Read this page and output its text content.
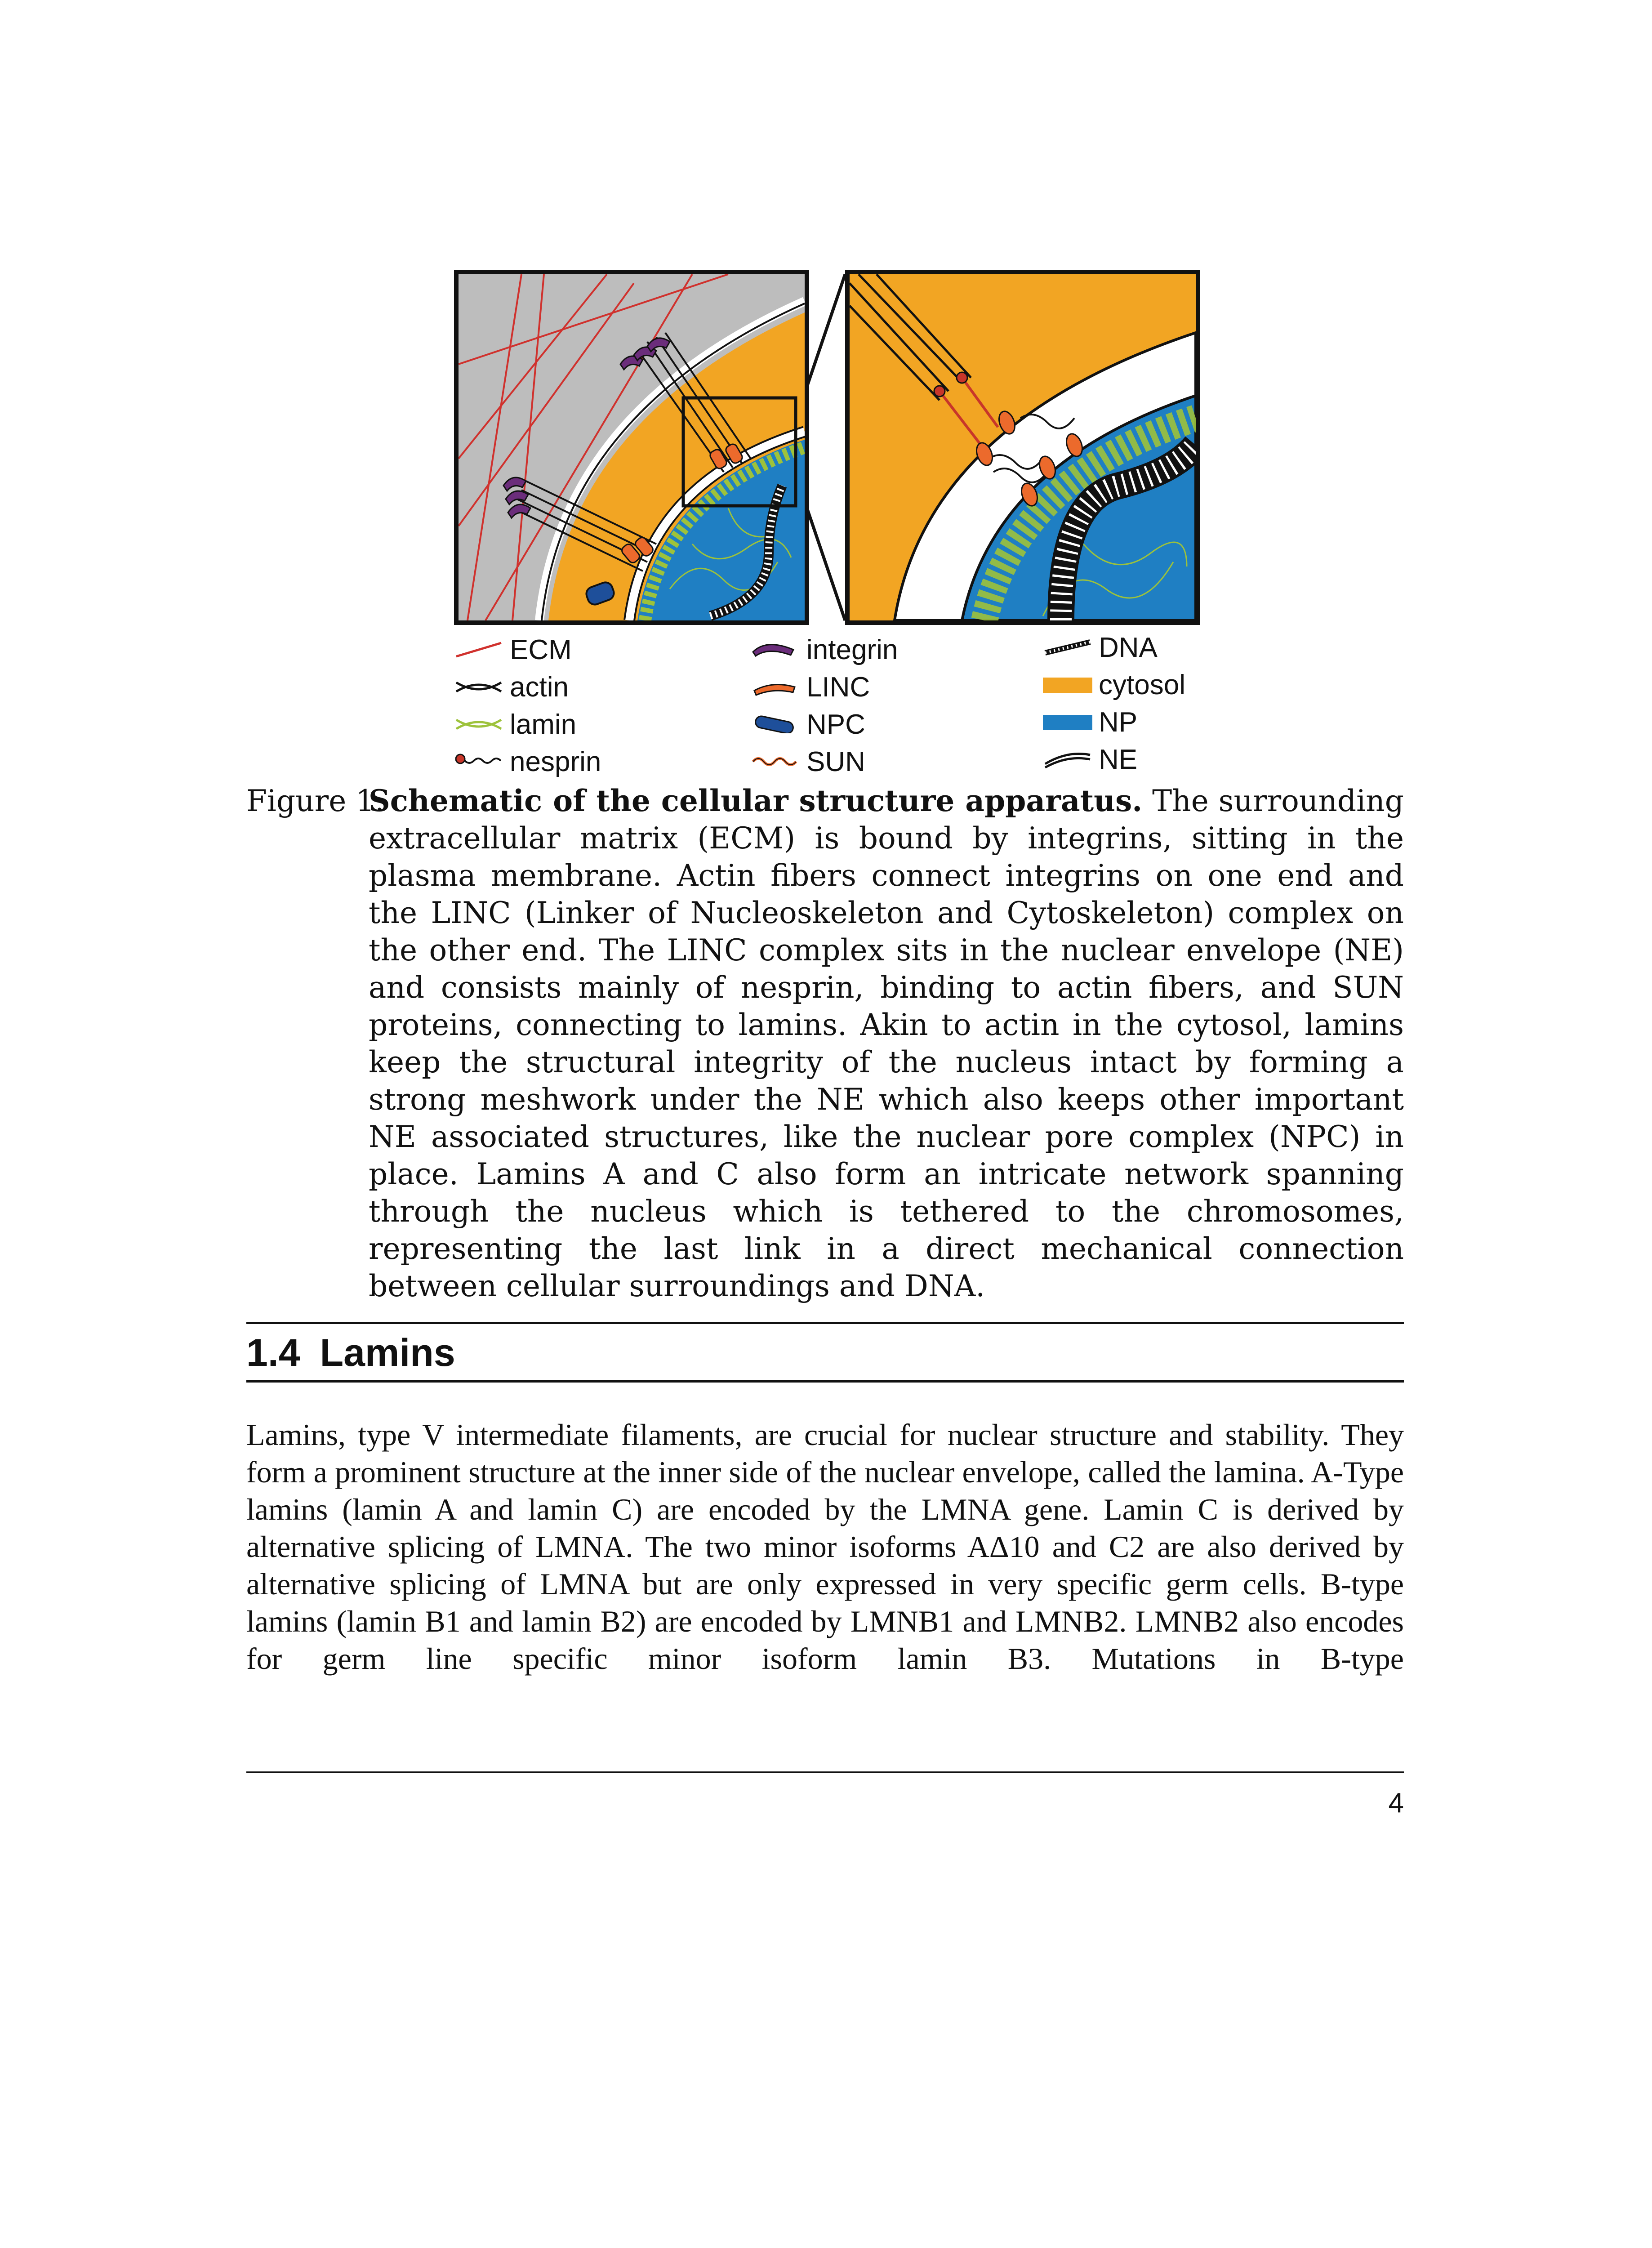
ECM
actin
lamin
nesprin
integrin
LINC
NPC
SUN
DNA
cytosol
NP
NE
Figure 1:
Schematic of the cellular structure apparatus. The surrounding extracellular matrix (ECM) is bound by integrins, sitting in the plasma membrane. Actin fibers connect integrins on one end and the LINC (Linker of Nucleoskeleton and Cytoskeleton) complex on the other end. The LINC complex sits in the nuclear envelope (NE) and consists mainly of nesprin, binding to actin fibers, and SUN proteins, connecting to lamins. Akin to actin in the cytosol, lamins keep the structural integrity of the nucleus intact by forming a strong meshwork under the NE which also keeps other important NE associated structures, like the nuclear pore complex (NPC) in place. Lamins A and C also form an intricate network spanning through the nucleus which is tethered to the chromosomes, representing the last link in a direct mechanical connection between cellular surroundings and DNA.
1.4 Lamins
Lamins, type V intermediate filaments, are crucial for nuclear structure and stability. They form a prominent structure at the inner side of the nuclear envelope, called the lamina. A-Type lamins (lamin A and lamin C) are encoded by the LMNA gene. Lamin C is derived by alternative splicing of LMNA. The two minor isoforms AΔ10 and C2 are also derived by alternative splicing of LMNA but are only expressed in very specific germ cells. B-type lamins (lamin B1 and lamin B2) are encoded by LMNB1 and LMNB2. LMNB2 also encodes for germ line specific minor isoform lamin B3. Mutations in B-type
4
